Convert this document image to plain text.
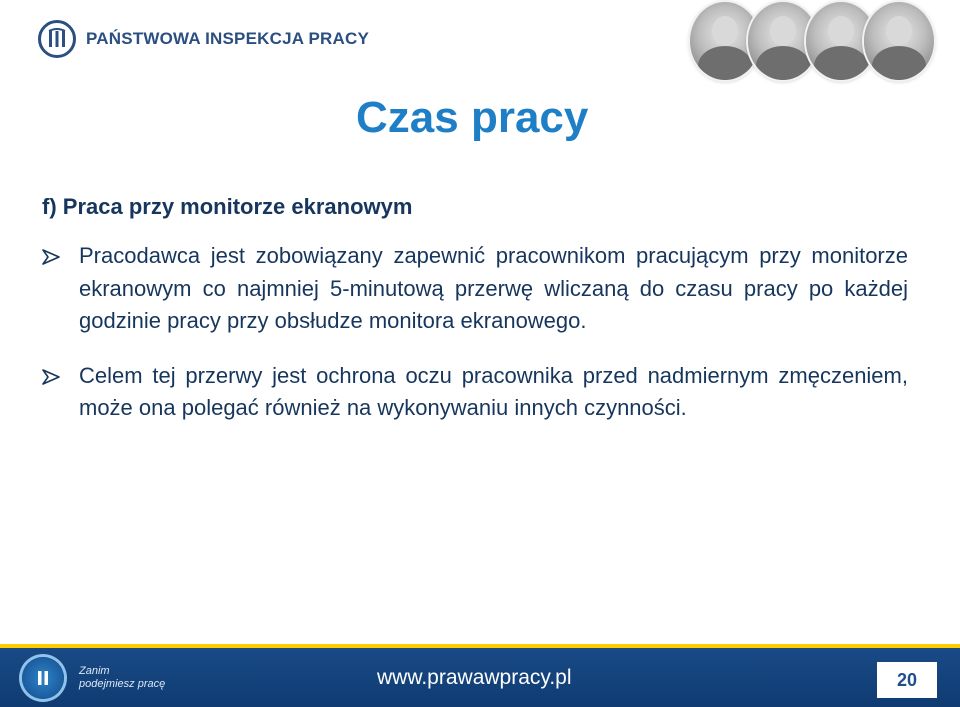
PAŃSTWOWA INSPEKCJA PRACY
Czas pracy
f) Praca przy monitorze ekranowym
Pracodawca jest zobowiązany zapewnić pracownikom pracującym przy monitorze ekranowym co najmniej 5-minutową przerwę wliczaną do czasu pracy po każdej godzinie pracy przy obsłudze monitora ekranowego.
Celem tej przerwy jest ochrona oczu pracownika przed nadmiernym zmęczeniem, może ona polegać również na wykonywaniu innych czynności.
Zanim
podejmiesz pracę	www.prawawpracy.pl	20
